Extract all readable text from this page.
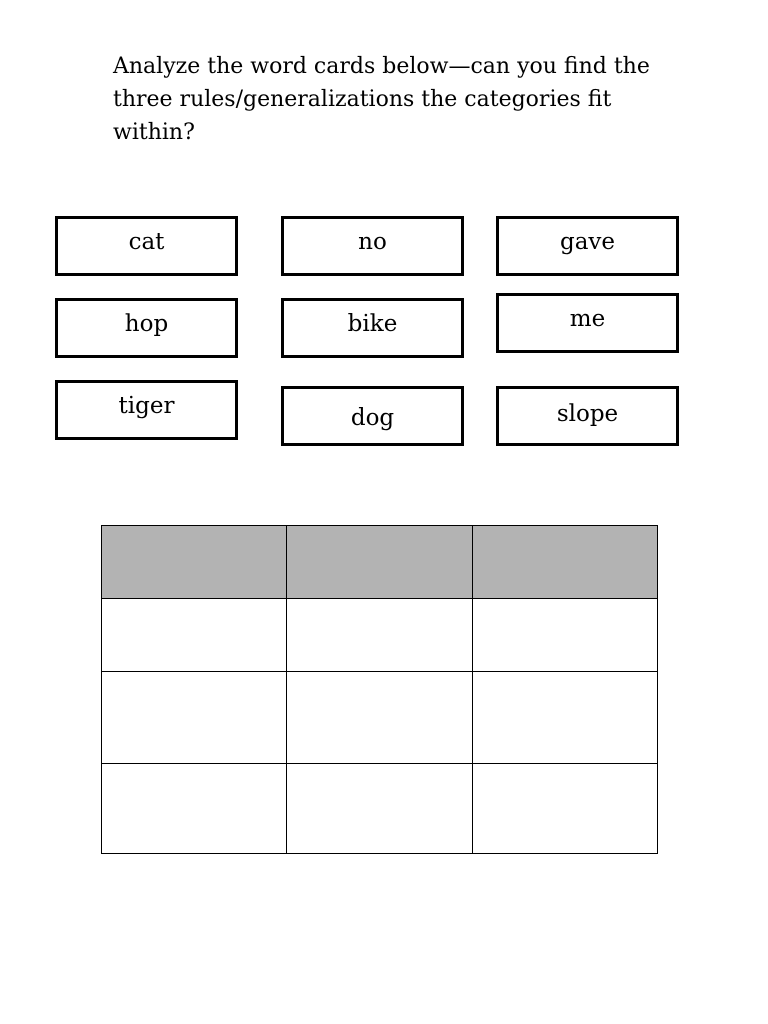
Analyze the word cards below—can you find the three rules/generalizations the categories fit within?

cat
hop
tiger
no
bike
dog
gave
me
slope
